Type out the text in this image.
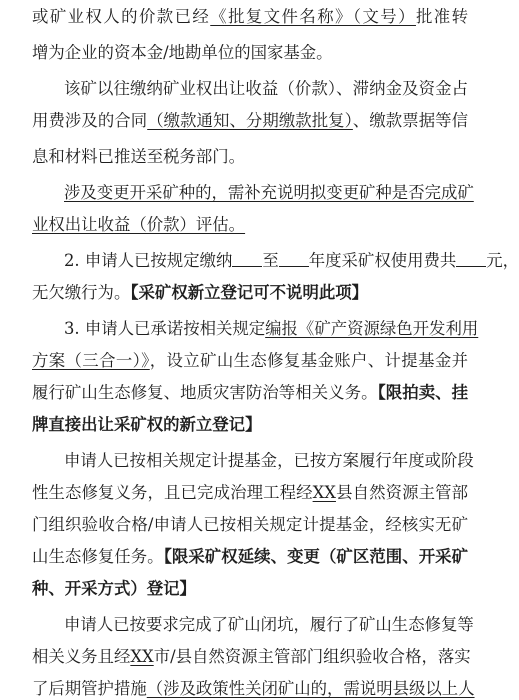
或矿业权人的价款已经《批复文件名称》（文号）批准转
增为企业的资本金/地勘单位的国家基金。
该矿以往缴纳矿业权出让收益（价款）、滞纳金及资金占
用费涉及的合同（缴款通知、分期缴款批复）、缴款票据等信
息和材料已推送至税务部门。
涉及变更开采矿种的，需补充说明拟变更矿种是否完成矿
业权出让收益（价款）评估。
2. 申请人已按规定缴纳 至 年度采矿权使用费共 元，
无欠缴行为。【采矿权新立登记可不说明此项】
3. 申请人已承诺按相关规定编报《矿产资源绿色开发利用
方案（三合一）》，设立矿山生态修复基金账户、计提基金并
履行矿山生态修复、地质灾害防治等相关义务。【限拍卖、挂
牌直接出让采矿权的新立登记】
申请人已按相关规定计提基金，已按方案履行年度或阶段
性生态修复义务，且已完成治理工程经XX县自然资源主管部
门组织验收合格/申请人已按相关规定计提基金，经核实无矿
山生态修复任务。【限采矿权延续、变更（矿区范围、开采矿
种、开采方式）登记】
申请人已按要求完成了矿山闭坑，履行了矿山生态修复等
相关义务且经XX市/县自然资源主管部门组织验收合格，落实
了后期管护措施（涉及政策性关闭矿山的，需说明县级以上人
